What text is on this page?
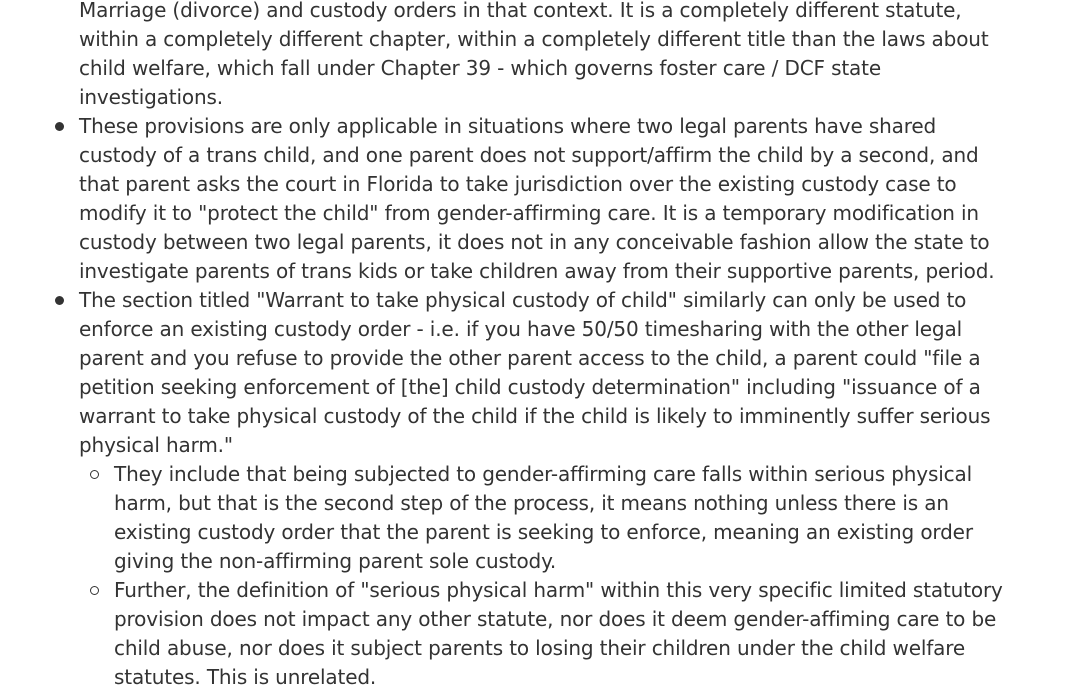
Marriage (divorce) and custody orders in that context. It is a completely different statute,
within a completely different chapter, within a completely different title than the laws about
child welfare, which fall under Chapter 39 - which governs foster care / DCF state
investigations.
These provisions are only applicable in situations where two legal parents have shared
custody of a trans child, and one parent does not support/affirm the child by a second, and
that parent asks the court in Florida to take jurisdiction over the existing custody case to
modify it to "protect the child" from gender-affirming care. It is a temporary modification in
custody between two legal parents, it does not in any conceivable fashion allow the state to
investigate parents of trans kids or take children away from their supportive parents, period.
The section titled "Warrant to take physical custody of child" similarly can only be used to
enforce an existing custody order - i.e. if you have 50/50 timesharing with the other legal
parent and you refuse to provide the other parent access to the child, a parent could "file a
petition seeking enforcement of [the] child custody determination" including "issuance of a
warrant to take physical custody of the child if the child is likely to imminently suffer serious
physical harm."
They include that being subjected to gender-affirming care falls within serious physical
harm, but that is the second step of the process, it means nothing unless there is an
existing custody order that the parent is seeking to enforce, meaning an existing order
giving the non-affirming parent sole custody.
Further, the definition of "serious physical harm" within this very specific limited statutory
provision does not impact any other statute, nor does it deem gender-affiming care to be
child abuse, nor does it subject parents to losing their children under the child welfare
statutes. This is unrelated.
